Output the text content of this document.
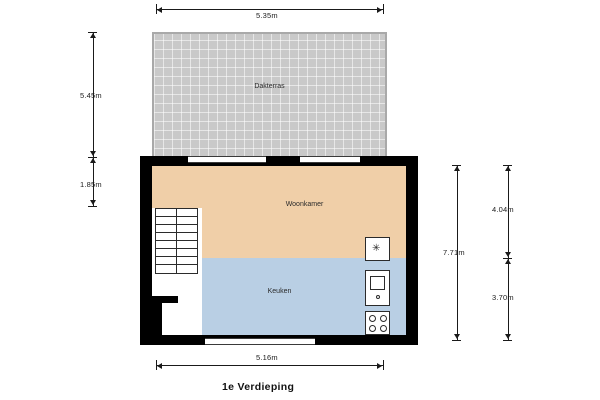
5.35m
5.45m
1.85m
Dakterras
Woonkamer
Keuken
✳	7.71m
4.04m
3.70m
5.16m
1e Verdieping
